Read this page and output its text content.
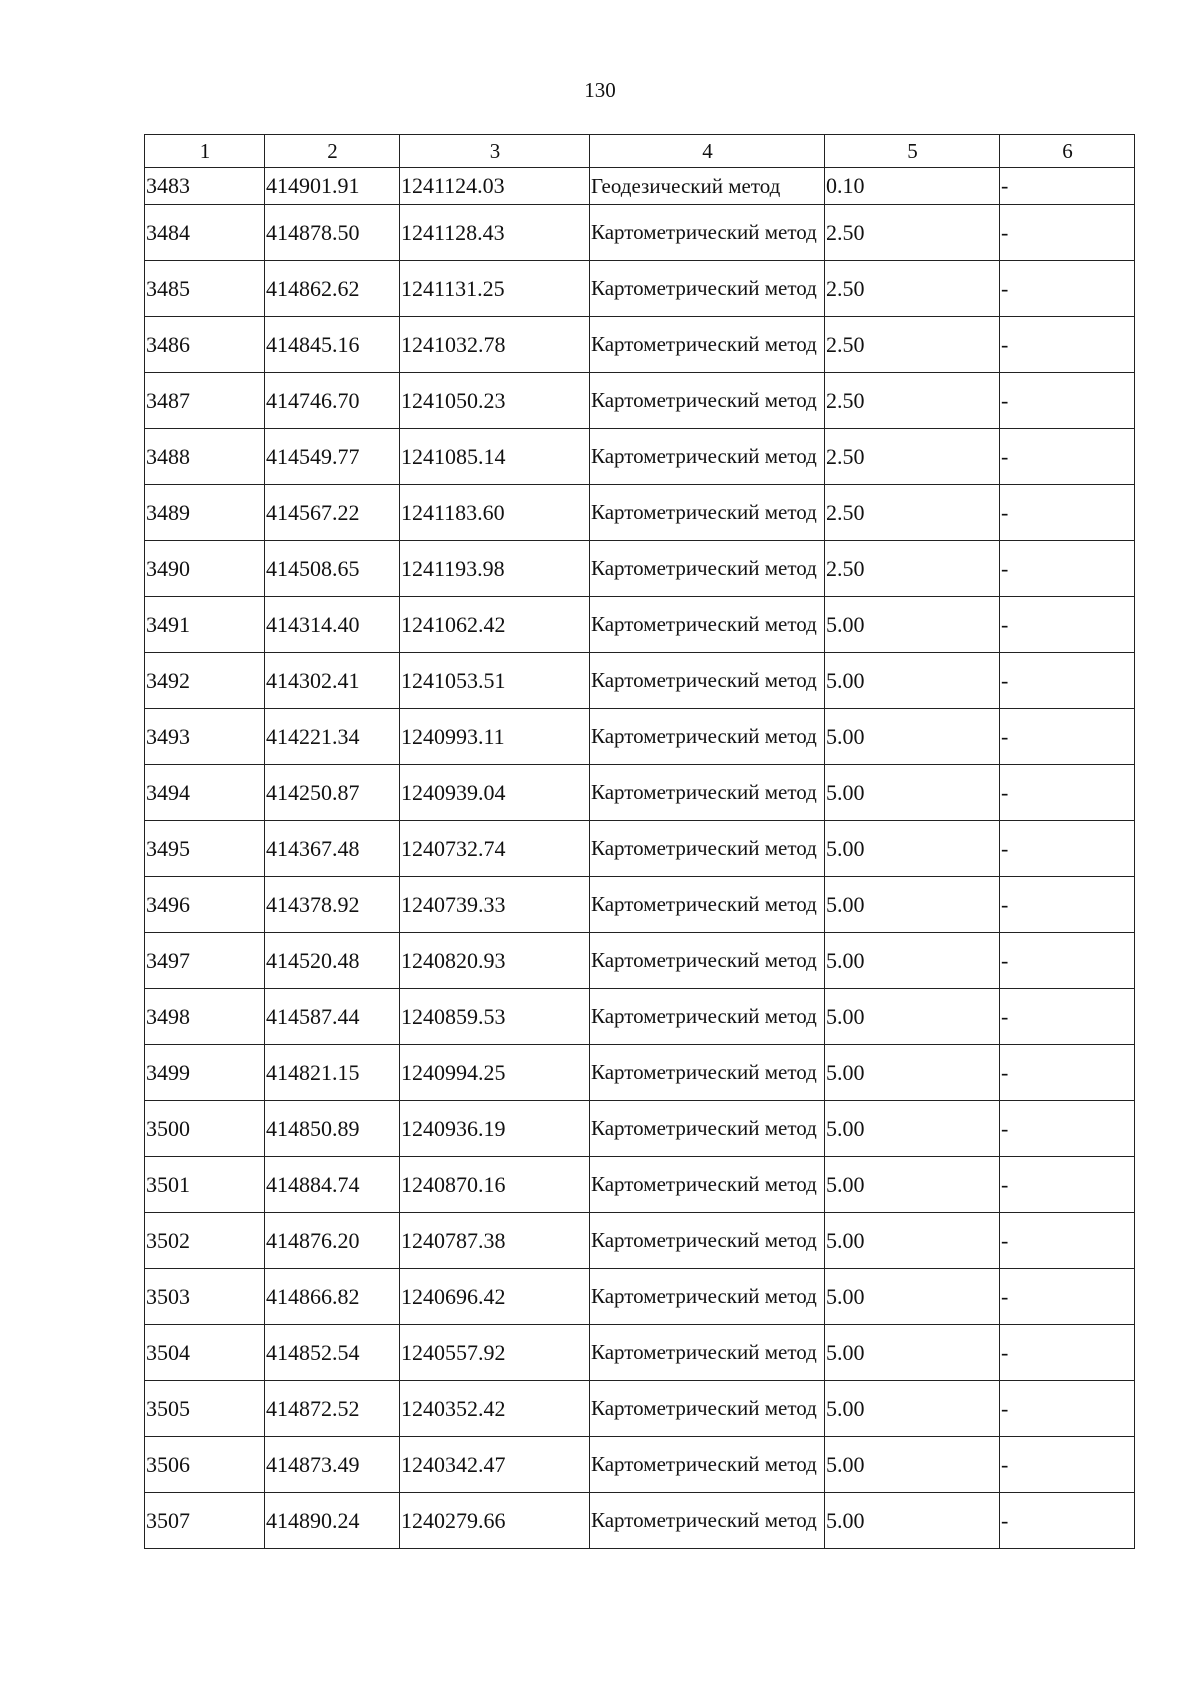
130
1	2	3	4	5	6
3483	414901.91	1241124.03	Геодезический метод	0.10	-
3484	414878.50	1241128.43	Картометрический метод	2.50	-
3485	414862.62	1241131.25	Картометрический метод	2.50	-
3486	414845.16	1241032.78	Картометрический метод	2.50	-
3487	414746.70	1241050.23	Картометрический метод	2.50	-
3488	414549.77	1241085.14	Картометрический метод	2.50	-
3489	414567.22	1241183.60	Картометрический метод	2.50	-
3490	414508.65	1241193.98	Картометрический метод	2.50	-
3491	414314.40	1241062.42	Картометрический метод	5.00	-
3492	414302.41	1241053.51	Картометрический метод	5.00	-
3493	414221.34	1240993.11	Картометрический метод	5.00	-
3494	414250.87	1240939.04	Картометрический метод	5.00	-
3495	414367.48	1240732.74	Картометрический метод	5.00	-
3496	414378.92	1240739.33	Картометрический метод	5.00	-
3497	414520.48	1240820.93	Картометрический метод	5.00	-
3498	414587.44	1240859.53	Картометрический метод	5.00	-
3499	414821.15	1240994.25	Картометрический метод	5.00	-
3500	414850.89	1240936.19	Картометрический метод	5.00	-
3501	414884.74	1240870.16	Картометрический метод	5.00	-
3502	414876.20	1240787.38	Картометрический метод	5.00	-
3503	414866.82	1240696.42	Картометрический метод	5.00	-
3504	414852.54	1240557.92	Картометрический метод	5.00	-
3505	414872.52	1240352.42	Картометрический метод	5.00	-
3506	414873.49	1240342.47	Картометрический метод	5.00	-
3507	414890.24	1240279.66	Картометрический метод	5.00	-
